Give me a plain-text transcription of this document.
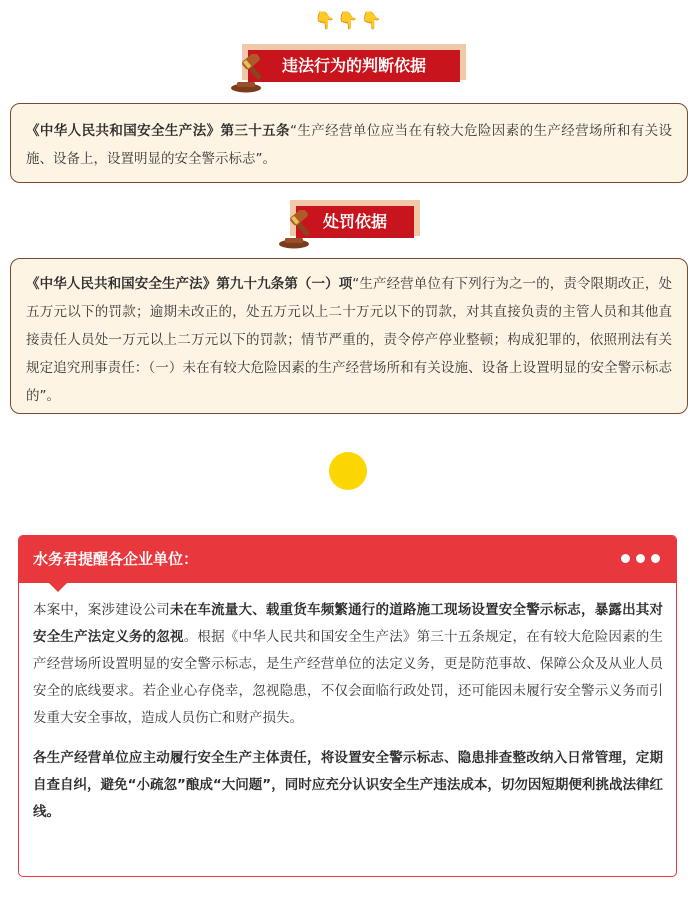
👇👇👇
违法行为的判断依据
《中华人民共和国安全生产法》第三十五条“生产经营单位应当在有较大危险因素的生产经营场所和有关设施、设备上，设置明显的安全警示标志”。
处罚依据
《中华人民共和国安全生产法》第九十九条第（一）项“生产经营单位有下列行为之一的，责令限期改正，处五万元以下的罚款；逾期未改正的，处五万元以上二十万元以下的罚款，对其直接负责的主管人员和其他直接责任人员处一万元以上二万元以下的罚款；情节严重的，责令停产停业整顿；构成犯罪的，依照刑法有关规定追究刑事责任：（一）未在有较大危险因素的生产经营场所和有关设施、设备上设置明显的安全警示标志的”。
水务君提醒各企业单位：

本案中，案涉建设公司未在车流量大、载重货车频繁通行的道路施工现场设置安全警示标志，暴露出其对安全生产法定义务的忽视。根据《中华人民共和国安全生产法》第三十五条规定，在有较大危险因素的生产经营场所设置明显的安全警示标志，是生产经营单位的法定义务，更是防范事故、保障公众及从业人员安全的底线要求。若企业心存侥幸，忽视隐患，不仅会面临行政处罚，还可能因未履行安全警示义务而引发重大安全事故，造成人员伤亡和财产损失。

各生产经营单位应主动履行安全生产主体责任，将设置安全警示标志、隐患排查整改纳入日常管理，定期自查自纠，避免“小疏忽”酿成“大问题”，同时应充分认识安全生产违法成本，切勿因短期便利挑战法律红线。
